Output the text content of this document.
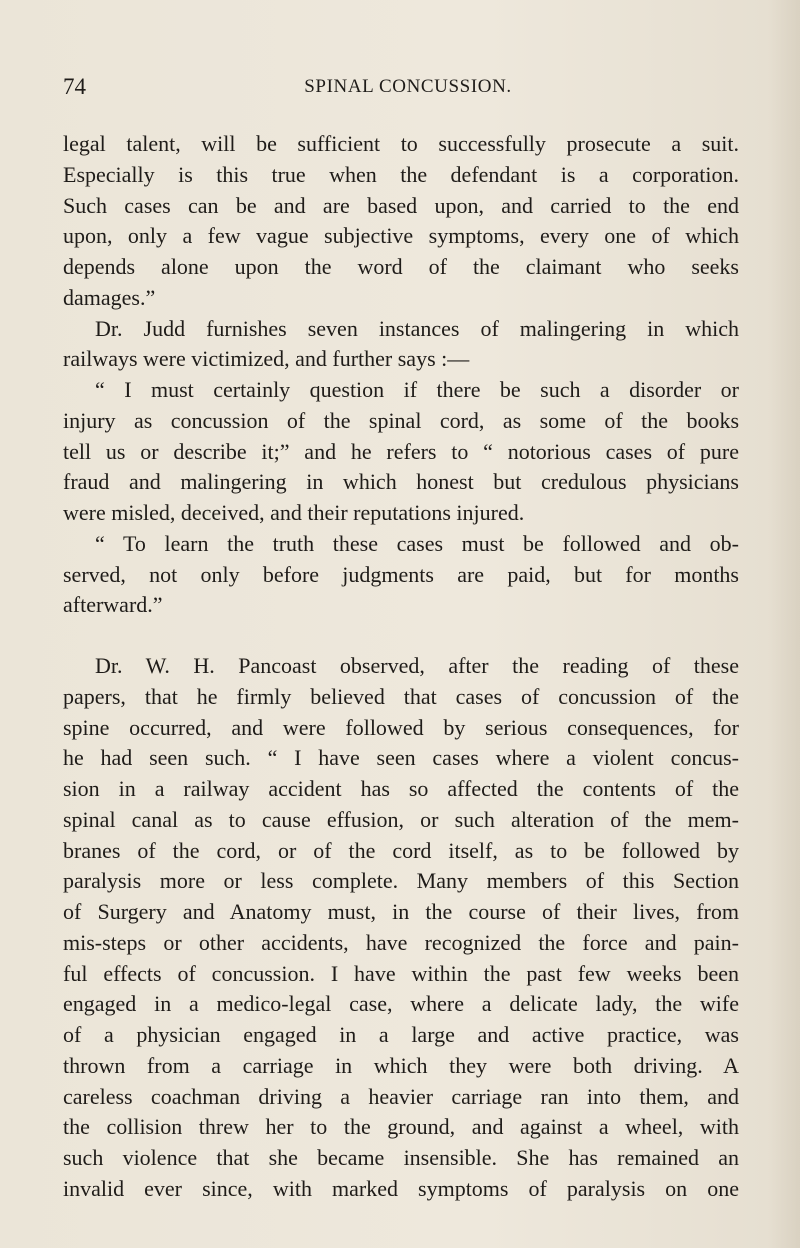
74	SPINAL CONCUSSION.
legal talent, will be sufficient to successfully prosecute a suit.
Especially is this true when the defendant is a corporation.
Such cases can be and are based upon, and carried to the end
upon, only a few vague subjective symptoms, every one of which
depends alone upon the word of the claimant who seeks
damages.”
Dr. Judd furnishes seven instances of malingering in which
railways were victimized, and further says :—
“ I must certainly question if there be such a disorder or
injury as concussion of the spinal cord, as some of the books
tell us or describe it;” and he refers to “ notorious cases of pure
fraud and malingering in which honest but credulous physicians
were misled, deceived, and their reputations injured.
“ To learn the truth these cases must be followed and ob-
served, not only before judgments are paid, but for months
afterward.”
Dr. W. H. Pancoast observed, after the reading of these
papers, that he firmly believed that cases of concussion of the
spine occurred, and were followed by serious consequences, for
he had seen such. “ I have seen cases where a violent concus-
sion in a railway accident has so affected the contents of the
spinal canal as to cause effusion, or such alteration of the mem-
branes of the cord, or of the cord itself, as to be followed by
paralysis more or less complete. Many members of this Section
of Surgery and Anatomy must, in the course of their lives, from
mis-steps or other accidents, have recognized the force and pain-
ful effects of concussion. I have within the past few weeks been
engaged in a medico-legal case, where a delicate lady, the wife
of a physician engaged in a large and active practice, was
thrown from a carriage in which they were both driving. A
careless coachman driving a heavier carriage ran into them, and
the collision threw her to the ground, and against a wheel, with
such violence that she became insensible. She has remained an
invalid ever since, with marked symptoms of paralysis on one
